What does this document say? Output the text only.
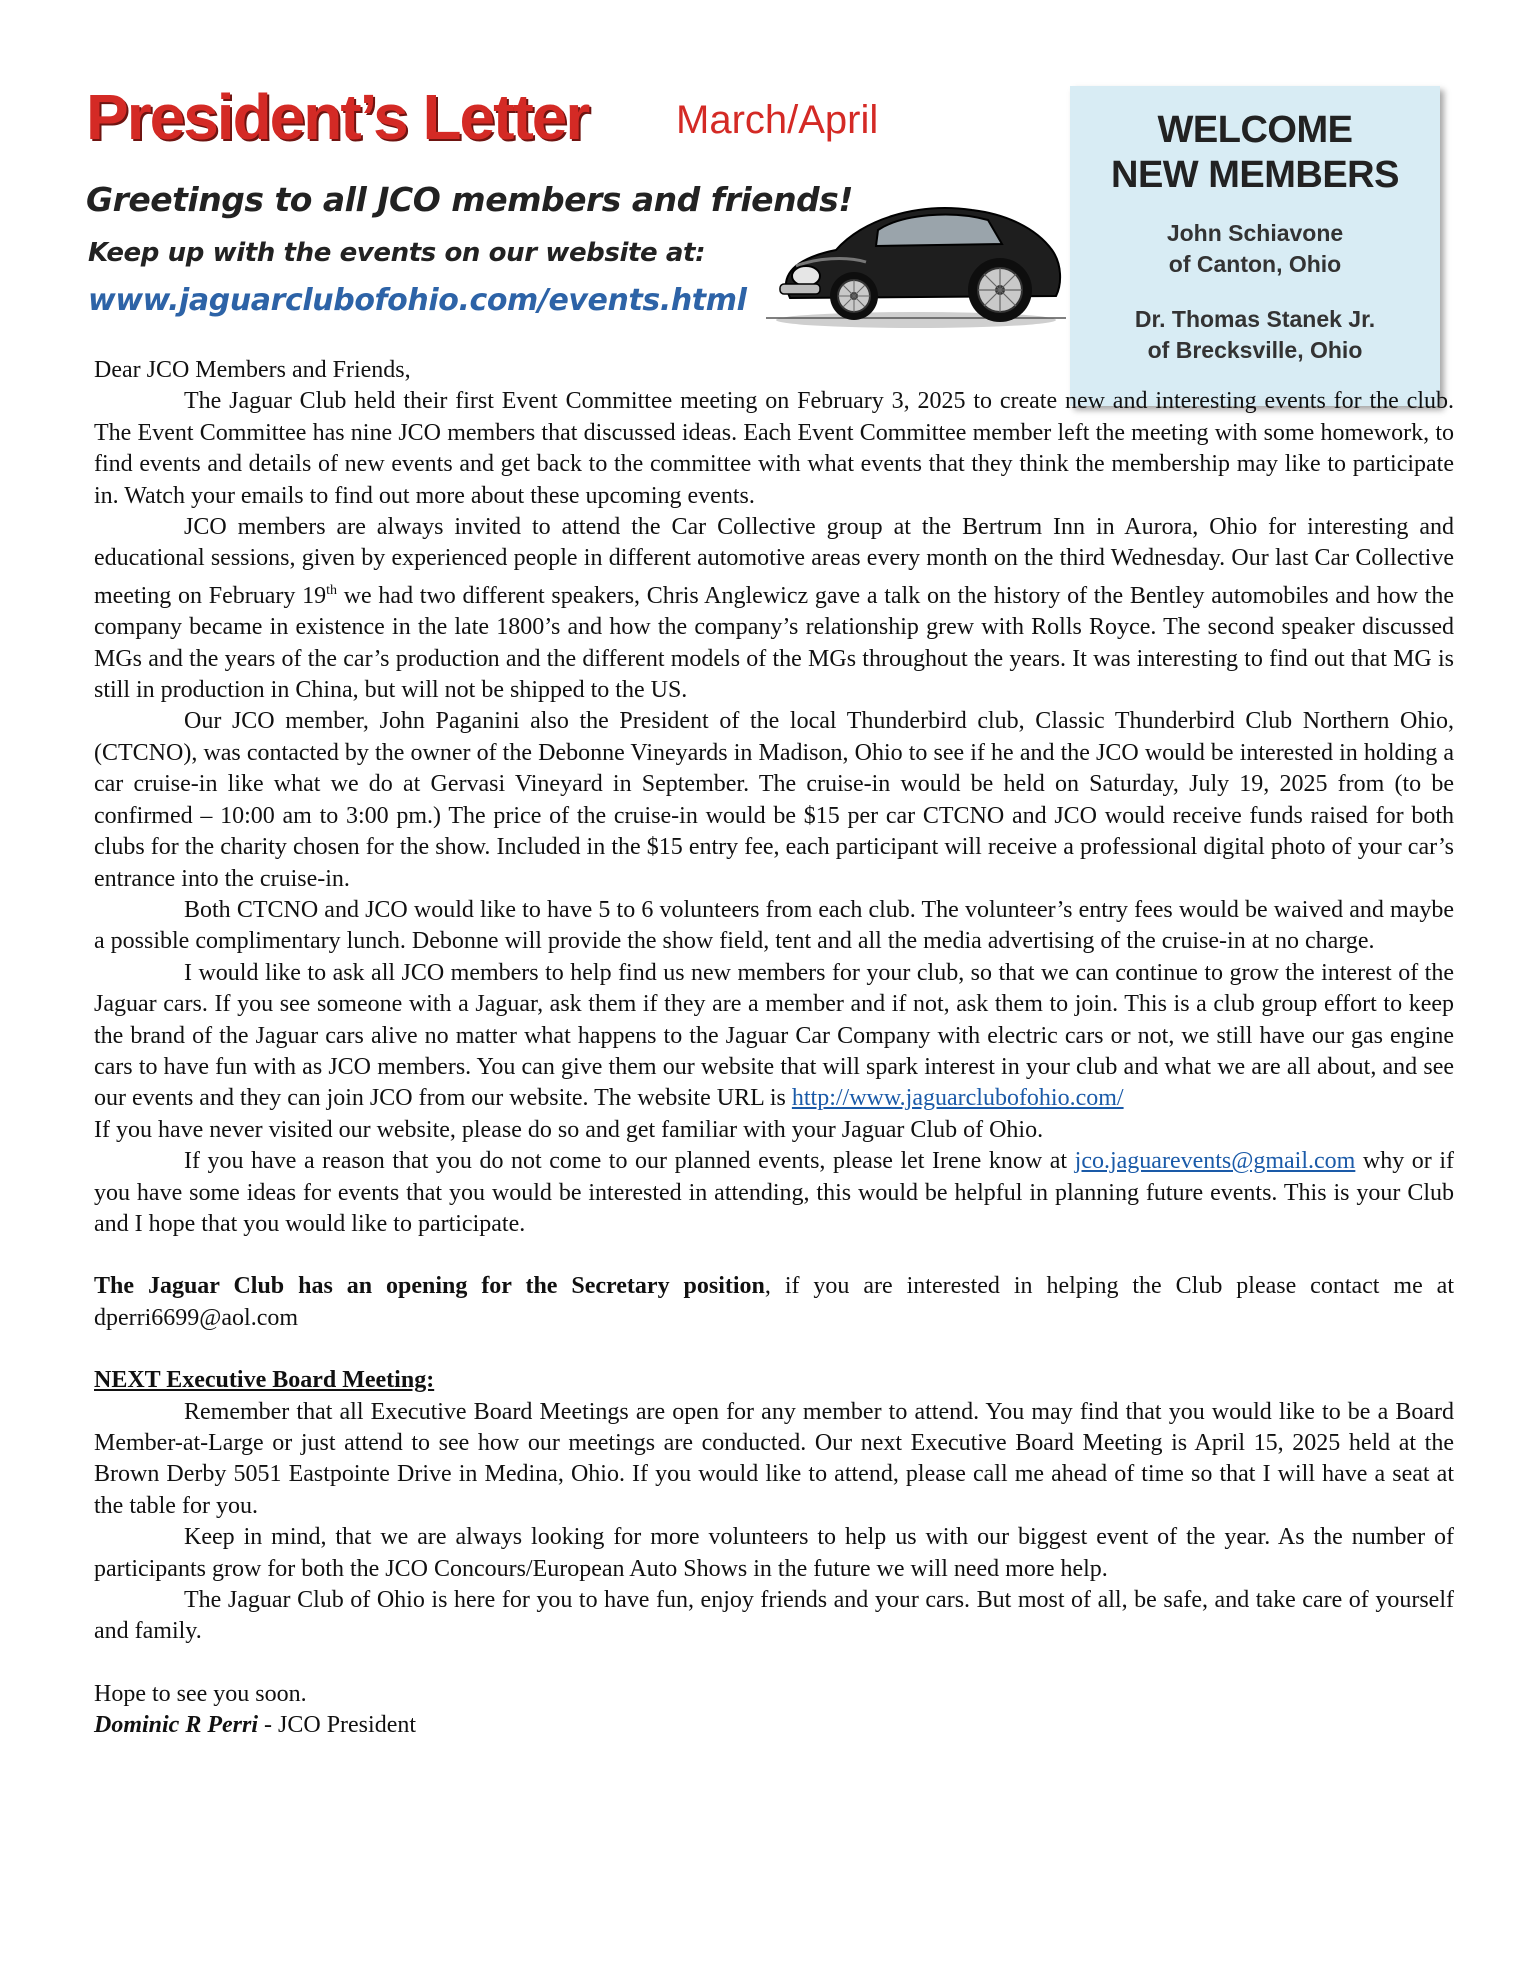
President’s Letter March/April
Greetings to all JCO members and friends!
Keep up with the events on our website at:
www.jaguarclubofohio.com/events.html
WELCOME
NEW MEMBERS
John Schiavone
of Canton, Ohio
Dr. Thomas Stanek Jr.
of Brecksville, Ohio

Dear JCO Members and Friends,

The Jaguar Club held their first Event Committee meeting on February 3, 2025 to create new and interesting events for the club. The Event Committee has nine JCO members that discussed ideas. Each Event Committee member left the meeting with some homework, to find events and details of new events and get back to the committee with what events that they think the membership may like to participate in. Watch your emails to find out more about these upcoming events.

JCO members are always invited to attend the Car Collective group at the Bertrum Inn in Aurora, Ohio for interesting and educational sessions, given by experienced people in different automotive areas every month on the third Wednesday. Our last Car Collective meeting on February 19th we had two different speakers, Chris Anglewicz gave a talk on the history of the Bentley automobiles and how the company became in existence in the late 1800’s and how the company’s relationship grew with Rolls Royce. The second speaker discussed MGs and the years of the car’s production and the different models of the MGs throughout the years. It was interesting to find out that MG is still in production in China, but will not be shipped to the US.

Our JCO member, John Paganini also the President of the local Thunderbird club, Classic Thunderbird Club Northern Ohio, (CTCNO), was contacted by the owner of the Debonne Vineyards in Madison, Ohio to see if he and the JCO would be interested in holding a car cruise-in like what we do at Gervasi Vineyard in September. The cruise-in would be held on Saturday, July 19, 2025 from (to be confirmed – 10:00 am to 3:00 pm.) The price of the cruise-in would be $15 per car CTCNO and JCO would receive funds raised for both clubs for the charity chosen for the show. Included in the $15 entry fee, each participant will receive a professional digital photo of your car’s entrance into the cruise-in.

Both CTCNO and JCO would like to have 5 to 6 volunteers from each club. The volunteer’s entry fees would be waived and maybe a possible complimentary lunch. Debonne will provide the show field, tent and all the media advertising of the cruise-in at no charge.

I would like to ask all JCO members to help find us new members for your club, so that we can continue to grow the interest of the Jaguar cars. If you see someone with a Jaguar, ask them if they are a member and if not, ask them to join. This is a club group effort to keep the brand of the Jaguar cars alive no matter what happens to the Jaguar Car Company with electric cars or not, we still have our gas engine cars to have fun with as JCO members. You can give them our website that will spark interest in your club and what we are all about, and see our events and they can join JCO from our website. The website URL is http://www.jaguarclubofohio.com/

If you have never visited our website, please do so and get familiar with your Jaguar Club of Ohio.

If you have a reason that you do not come to our planned events, please let Irene know at jco.jaguarevents@gmail.com why or if you have some ideas for events that you would be interested in attending, this would be helpful in planning future events. This is your Club and I hope that you would like to participate.

The Jaguar Club has an opening for the Secretary position, if you are interested in helping the Club please contact me at dperri6699@aol.com

NEXT Executive Board Meeting:

Remember that all Executive Board Meetings are open for any member to attend. You may find that you would like to be a Board Member-at-Large or just attend to see how our meetings are conducted. Our next Executive Board Meeting is April 15, 2025 held at the Brown Derby 5051 Eastpointe Drive in Medina, Ohio. If you would like to attend, please call me ahead of time so that I will have a seat at the table for you.

Keep in mind, that we are always looking for more volunteers to help us with our biggest event of the year. As the number of participants grow for both the JCO Concours/European Auto Shows in the future we will need more help.

The Jaguar Club of Ohio is here for you to have fun, enjoy friends and your cars. But most of all, be safe, and take care of yourself and family.

Hope to see you soon.

Dominic R Perri - JCO President
